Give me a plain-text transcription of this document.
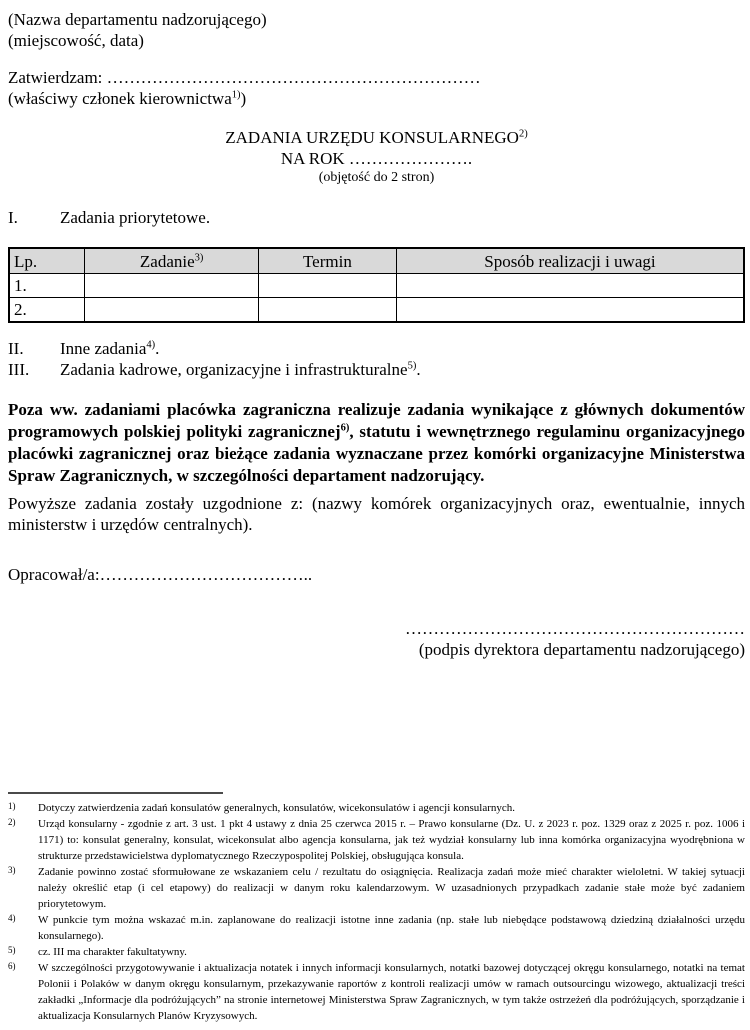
(Nazwa departamentu nadzorującego)
(miejscowość, data)
Zatwierdzam: …………………………………………………………
(właściwy członek kierownictwa$^{1)}$)
ZADANIA URZĘDU KONSULARNEGO$^{2)}$
NA ROK ………………….
(objętość do 2 stron)
I.	Zadania priorytetowe.
Lp.	Zadanie$^{3)}$	Termin	Sposób realizacji i uwagi
1.			
2.			
II.	Inne zadania$^{4)}$.
III.	Zadania kadrowe, organizacyjne i infrastrukturalne$^{5)}$.
Poza ww. zadaniami placówka zagraniczna realizuje zadania wynikające z głównych dokumentów programowych polskiej polityki zagranicznej$^{6)}$, statutu i wewnętrznego regulaminu organizacyjnego placówki zagranicznej oraz bieżące zadania wyznaczane przez komórki organizacyjne Ministerstwa Spraw Zagranicznych, w szczególności departament nadzorujący.
Powyższe zadania zostały uzgodnione z: (nazwy komórek organizacyjnych oraz, ewentualnie, innych ministerstw i urzędów centralnych).
Opracował/a:………………………………..
……………………………………………………
(podpis dyrektora departamentu nadzorującego)
1) Dotyczy zatwierdzenia zadań konsulatów generalnych, konsulatów, wicekonsulatów i agencji konsularnych.
2) Urząd konsularny - zgodnie z art. 3 ust. 1 pkt 4 ustawy z dnia 25 czerwca 2015 r. – Prawo konsularne (Dz. U. z 2023 r. poz. 1329 oraz z 2025 r. poz. 1006 i 1171) to: konsulat generalny, konsulat, wicekonsulat albo agencja konsularna, jak też wydział konsularny lub inna komórka organizacyjna wyodrębniona w strukturze przedstawicielstwa dyplomatycznego Rzeczypospolitej Polskiej, obsługująca konsula.
3) Zadanie powinno zostać sformułowane ze wskazaniem celu / rezultatu do osiągnięcia. Realizacja zadań może mieć charakter wieloletni. W takiej sytuacji należy określić etap (i cel etapowy) do realizacji w danym roku kalendarzowym. W uzasadnionych przypadkach zadanie stałe może być zadaniem priorytetowym.
4) W punkcie tym można wskazać m.in. zaplanowane do realizacji istotne inne zadania (np. stałe lub niebędące podstawową dziedziną działalności urzędu konsularnego).
5) cz. III ma charakter fakultatywny.
6) W szczególności przygotowywanie i aktualizacja notatek i innych informacji konsularnych, notatki bazowej dotyczącej okręgu konsularnego, notatki na temat Polonii i Polaków w danym okręgu konsularnym, przekazywanie raportów z kontroli realizacji umów w ramach outsourcingu wizowego, aktualizacji treści zakładki „Informacje dla podróżujących” na stronie internetowej Ministerstwa Spraw Zagranicznych, w tym także ostrzeżeń dla podróżujących, sporządzanie i aktualizacja Konsularnych Planów Kryzysowych.
